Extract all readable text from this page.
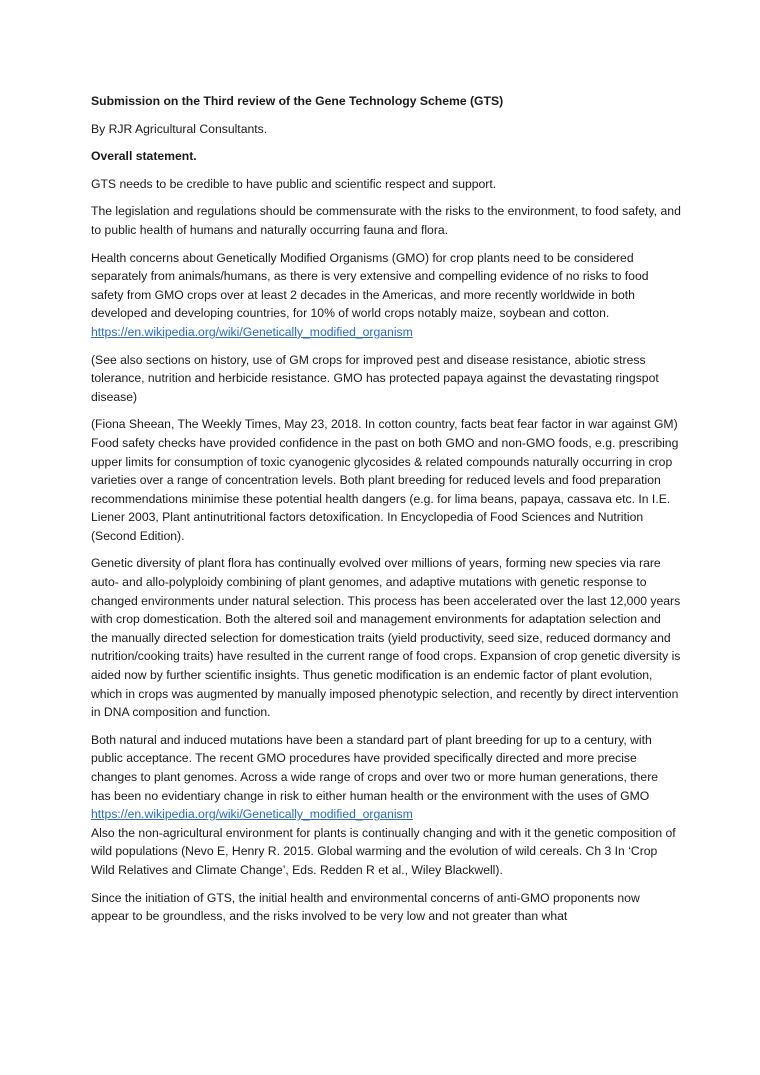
Submission on the Third review of the Gene Technology Scheme (GTS)
By RJR Agricultural Consultants.
Overall statement.

GTS needs to be credible to have public and scientific respect and support.

The legislation and regulations should be commensurate with the risks to the environment, to food safety, and to public health of humans and naturally occurring fauna and flora.

Health concerns about Genetically Modified Organisms (GMO) for crop plants need to be considered separately from animals/humans, as there is very extensive and compelling evidence of no risks to food safety from GMO crops over at least 2 decades in the Americas, and more recently worldwide in both developed and developing countries, for 10% of world crops notably maize, soybean and cotton. https://en.wikipedia.org/wiki/Genetically_modified_organism

(See also sections on history, use of GM crops for improved pest and disease resistance, abiotic stress tolerance, nutrition and herbicide resistance. GMO has protected papaya against the devastating ringspot disease)

(Fiona Sheean, The Weekly Times, May 23, 2018. In cotton country, facts beat fear factor in war against GM)

Food safety checks have provided confidence in the past on both GMO and non-GMO foods, e.g. prescribing upper limits for consumption of toxic cyanogenic glycosides & related compounds naturally occurring in crop varieties over a range of concentration levels. Both plant breeding for reduced levels and food preparation recommendations minimise these potential health dangers (e.g. for lima beans, papaya, cassava etc. In I.E. Liener 2003, Plant antinutritional factors detoxification. In Encyclopedia of Food Sciences and Nutrition (Second Edition).

Genetic diversity of plant flora has continually evolved over millions of years, forming new species via rare auto- and allo-polyploidy combining of plant genomes, and adaptive mutations with genetic response to changed environments under natural selection. This process has been accelerated over the last 12,000 years with crop domestication. Both the altered soil and management environments for adaptation selection and the manually directed selection for domestication traits (yield productivity, seed size, reduced dormancy and nutrition/cooking traits) have resulted in the current range of food crops. Expansion of crop genetic diversity is aided now by further scientific insights. Thus genetic modification is an endemic factor of plant evolution, which in crops was augmented by manually imposed phenotypic selection, and recently by direct intervention in DNA composition and function.

Both natural and induced mutations have been a standard part of plant breeding for up to a century, with public acceptance. The recent GMO procedures have provided specifically directed and more precise changes to plant genomes. Across a wide range of crops and over two or more human generations, there has been no evidentiary change in risk to either human health or the environment with the uses of GMO https://en.wikipedia.org/wiki/Genetically_modified_organism
Also the non-agricultural environment for plants is continually changing and with it the genetic composition of wild populations (Nevo E, Henry R. 2015. Global warming and the evolution of wild cereals. Ch 3 In ‘Crop Wild Relatives and Climate Change’, Eds. Redden R et al., Wiley Blackwell).

Since the initiation of GTS, the initial health and environmental concerns of anti-GMO proponents now appear to be groundless, and the risks involved to be very low and not greater than what
